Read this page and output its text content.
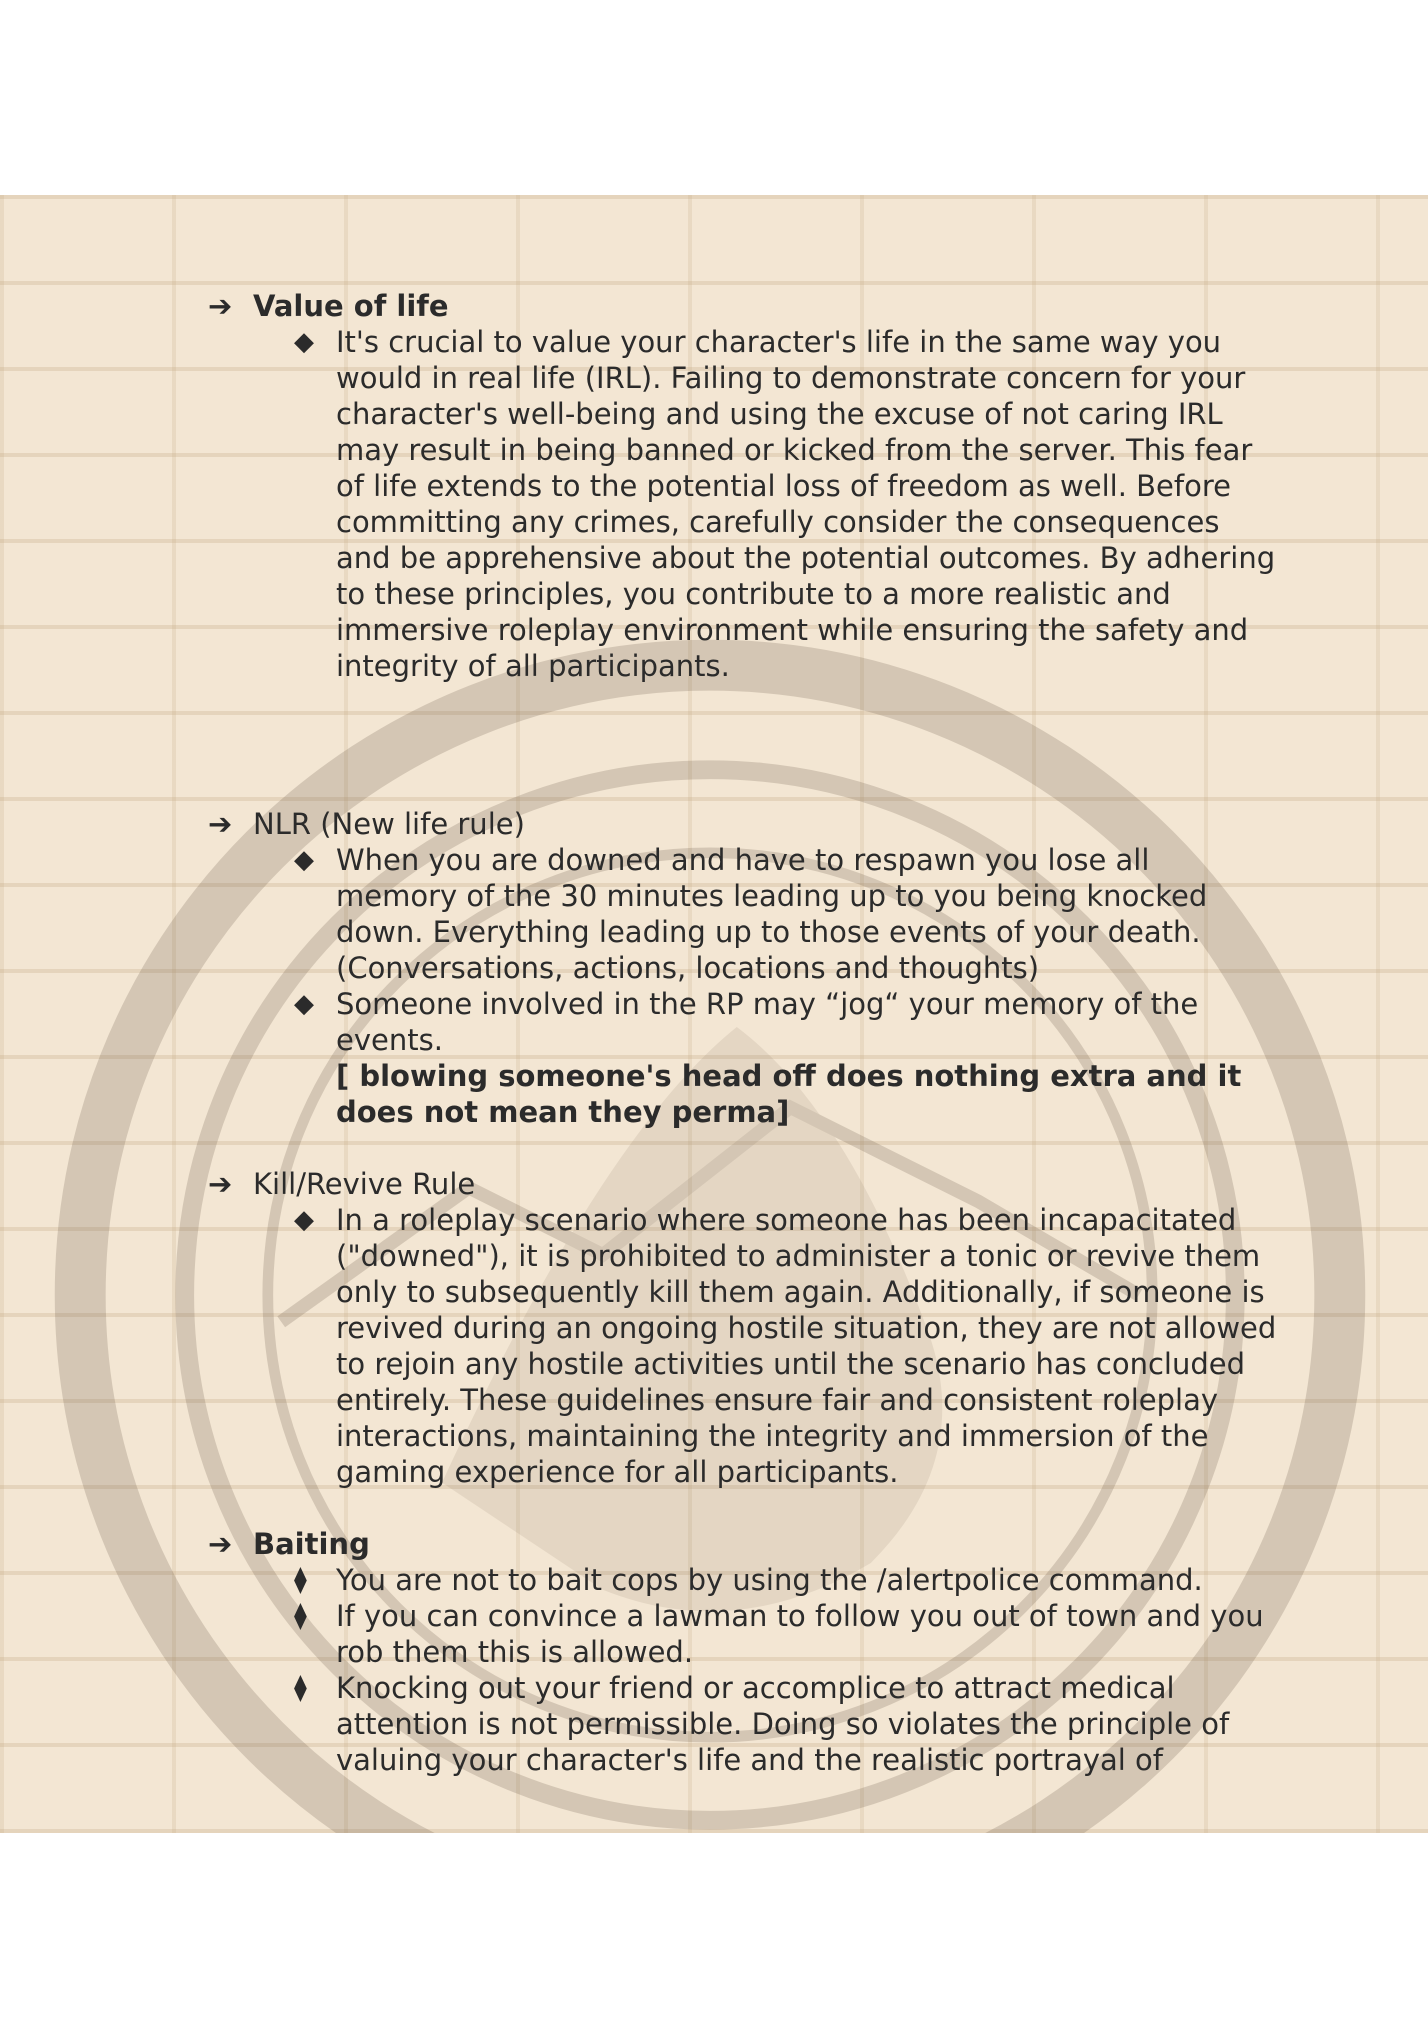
➔ Value of life

◆ It's crucial to value your character's life in the same way you would in real life (IRL). Failing to demonstrate concern for your character's well-being and using the excuse of not caring IRL may result in being banned or kicked from the server. This fear of life extends to the potential loss of freedom as well. Before committing any crimes, carefully consider the consequences and be apprehensive about the potential outcomes. By adhering to these principles, you contribute to a more realistic and immersive roleplay environment while ensuring the safety and integrity of all participants.

➔ NLR (New life rule)

◆ When you are downed and have to respawn you lose all memory of the 30 minutes leading up to you being knocked down. Everything leading up to those events of your death. (Conversations, actions, locations and thoughts)
◆ Someone involved in the RP may “jog“ your memory of the events.
[ blowing someone's head off does nothing extra and it does not mean they perma]

➔ Kill/Revive Rule

◆ In a roleplay scenario where someone has been incapacitated ("downed"), it is prohibited to administer a tonic or revive them only to subsequently kill them again. Additionally, if someone is revived during an ongoing hostile situation, they are not allowed to rejoin any hostile activities until the scenario has concluded entirely. These guidelines ensure fair and consistent roleplay interactions, maintaining the integrity and immersion of the gaming experience for all participants.

➔ Baiting

⧫ You are not to bait cops by using the /alertpolice command.
⧫ If you can convince a lawman to follow you out of town and you rob them this is allowed.
⧫ Knocking out your friend or accomplice to attract medical attention is not permissible. Doing so violates the principle of valuing your character's life and the realistic portrayal of
